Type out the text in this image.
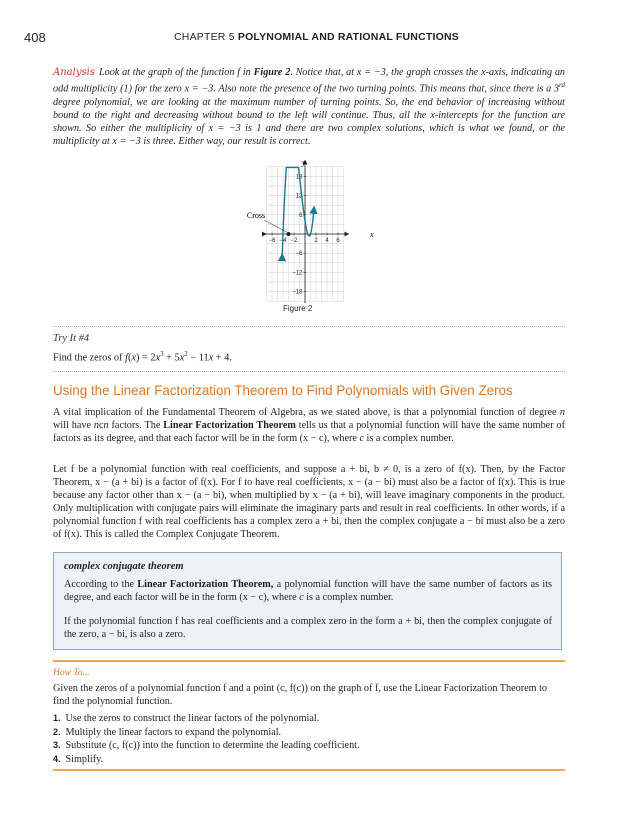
408	CHAPTER 5 POLYNOMIAL AND RATIONAL FUNCTIONS
Analysis Look at the graph of the function f in Figure 2. Notice that, at x = −3, the graph crosses the x-axis, indicating an odd multiplicity (1) for the zero x = −3. Also note the presence of the two turning points. This means that, since there is a 3rd degree polynomial, we are looking at the maximum number of turning points. So, the end behavior of increasing without bound to the right and decreasing without bound to the left will continue. Thus, all the x-intercepts for the function are shown. So either the multiplicity of x = −3 is 1 and there are two complex solutions, which is what we found, or the multiplicity at x = −3 is three. Either way, our result is correct.
−6 −4 −2	2 4 6
18
12
6
−6
−12
−18
Cross
x
y
Figure 2
Try It #4
Find the zeros of $f(x) = 2x^3 + 5x^2 - 11x + 4$.
Using the Linear Factorization Theorem to Find Polynomials with Given Zeros
A vital implication of the Fundamental Theorem of Algebra, as we stated above, is that a polynomial function of degree n will have ncn factors. The Linear Factorization Theorem tells us that a polynomial function will have the same number of factors as its degree, and that each factor will be in the form (x − c), where c is a complex number.
Let f be a polynomial function with real coefficients, and suppose a + bi, b ≠ 0, is a zero of f(x). Then, by the Factor Theorem, x − (a + bi) is a factor of f(x). For f to have real coefficients, x − (a − bi) must also be a factor of f(x). This is true because any factor other than x − (a − bi), when multiplied by x − (a + bi), will leave imaginary components in the product. Only multiplication with conjugate pairs will eliminate the imaginary parts and result in real coefficients. In other words, if a polynomial function f with real coefficients has a complex zero a + bi, then the complex conjugate a − bi must also be a zero of f(x). This is called the Complex Conjugate Theorem.
complex conjugate theorem
According to the Linear Factorization Theorem, a polynomial function will have the same number of factors as its degree, and each factor will be in the form (x − c), where c is a complex number.
If the polynomial function f has real coefficients and a complex zero in the form a + bi, then the complex conjugate of the zero, a − bi, is also a zero.
How To...
Given the zeros of a polynomial function f and a point (c, f(c)) on the graph of f, use the Linear Factorization Theorem to find the polynomial function.
1. Use the zeros to construct the linear factors of the polynomial.
2. Multiply the linear factors to expand the polynomial.
3. Substitute (c, f(c)) into the function to determine the leading coefficient.
4. Simplify.
